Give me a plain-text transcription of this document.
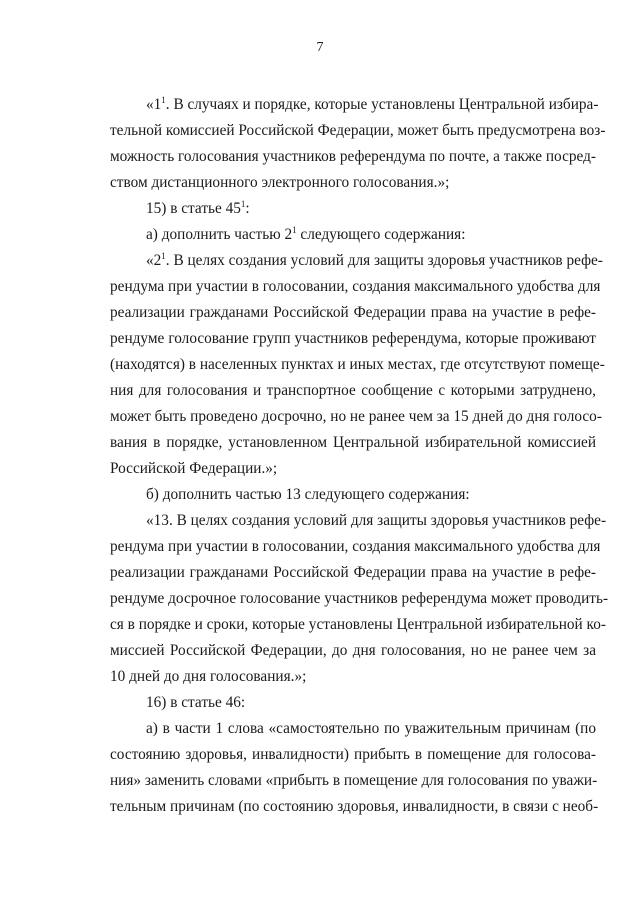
7
«$1^1$. В случаях и порядке, которые установлены Центральной избира-
тельной комиссией Российской Федерации, может быть предусмотрена воз-
можность голосования участников референдума по почте, а также посред-
ством дистанционного электронного голосования.»;
15) в статье $45^1$:
а) дополнить частью $2^1$ следующего содержания:
«$2^1$. В целях создания условий для защиты здоровья участников рефе-
рендума при участии в голосовании, создания максимального удобства для
реализации гражданами Российской Федерации права на участие в рефе-
рендуме голосование групп участников референдума, которые проживают
(находятся) в населенных пунктах и иных местах, где отсутствуют помеще-
ния для голосования и транспортное сообщение с которыми затруднено,
может быть проведено досрочно, но не ранее чем за 15 дней до дня голосо-
вания в порядке, установленном Центральной избирательной комиссией
Российской Федерации.»;
б) дополнить частью 13 следующего содержания:
«13. В целях создания условий для защиты здоровья участников рефе-
рендума при участии в голосовании, создания максимального удобства для
реализации гражданами Российской Федерации права на участие в рефе-
рендуме досрочное голосование участников референдума может проводить-
ся в порядке и сроки, которые установлены Центральной избирательной ко-
миссией Российской Федерации, до дня голосования, но не ранее чем за
10 дней до дня голосования.»;
16) в статье 46:
а) в части 1 слова «самостоятельно по уважительным причинам (по
состоянию здоровья, инвалидности) прибыть в помещение для голосова-
ния» заменить словами «прибыть в помещение для голосования по уважи-
тельным причинам (по состоянию здоровья, инвалидности, в связи с необ-
